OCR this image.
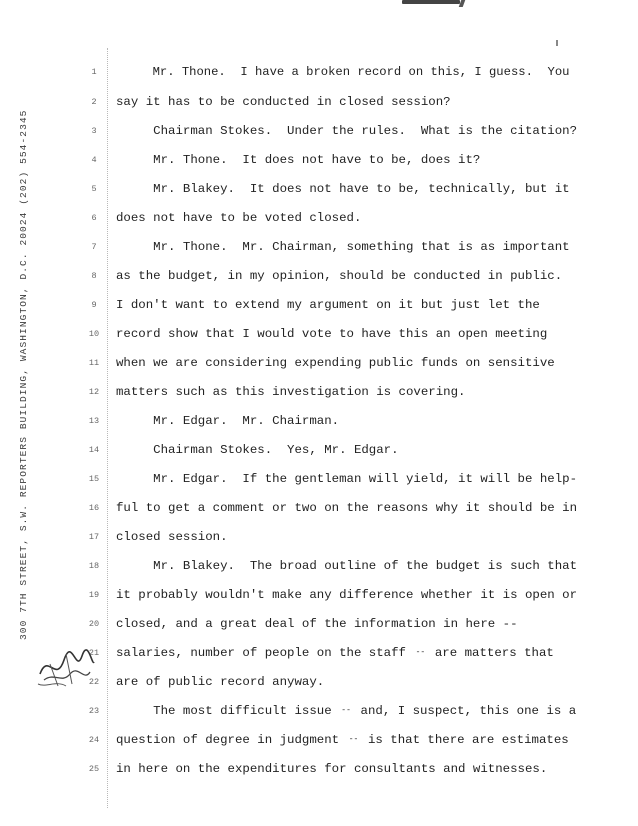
300 7TH STREET, S.W. REPORTERS BUILDING, WASHINGTON, D.C. 20024 (202) 554-2345
1	Mr. Thone.  I have a broken record on this, I guess.  You
2	say it has to be conducted in closed session?
3	Chairman Stokes.  Under the rules.  What is the citation?
4	Mr. Thone.  It does not have to be, does it?
5	Mr. Blakey.  It does not have to be, technically, but it
6	does not have to be voted closed.
7	Mr. Thone.  Mr. Chairman, something that is as important
8	as the budget, in my opinion, should be conducted in public.
9	I don't want to extend my argument on it but just let the
10 record show that I would vote to have this an open meeting
11 when we are considering expending public funds on sensitive
12 matters such as this investigation is covering.
13 Mr. Edgar.  Mr. Chairman.
14 Chairman Stokes.  Yes, Mr. Edgar.
15 Mr. Edgar.  If the gentleman will yield, it will be help-
16 ful to get a comment or two on the reasons why it should be in
17 closed session.
18 Mr. Blakey.  The broad outline of the budget is such that
19 it probably wouldn't make any difference whether it is open or
20 closed, and a great deal of the information in here --
21 salaries, number of people on the staff -- are matters that
22 are of public record anyway.
23 The most difficult issue -- and, I suspect, this one is a
24 question of degree in judgment -- is that there are estimates
25 in here on the expenditures for consultants and witnesses.
